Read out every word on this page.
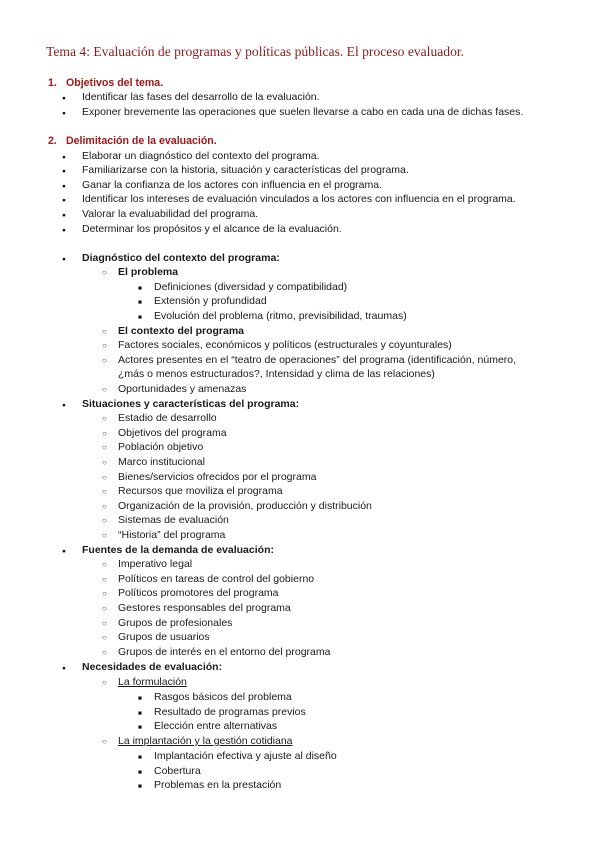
Tema 4: Evaluación de programas y políticas públicas. El proceso evaluador.
1. Objetivos del tema.
● Identificar las fases del desarrollo de la evaluación.
● Exponer brevemente las operaciones que suelen llevarse a cabo en cada una de dichas fases.
2. Delimitación de la evaluación.
● Elaborar un diagnóstico del contexto del programa.
● Familiarizarse con la historia, situación y características del programa.
● Ganar la confianza de los actores con influencia en el programa.
● Identificar los intereses de evaluación vinculados a los actores con influencia en el programa.
● Valorar la evaluabilidad del programa.
● Determinar los propósitos y el alcance de la evaluación.
● Diagnóstico del contexto del programa:
○ El problema
■ Definiciones (diversidad y compatibilidad)
■ Extensión y profundidad
■ Evolución del problema (ritmo, previsibilidad, traumas)
○ El contexto del programa
○ Factores sociales, económicos y políticos (estructurales y coyunturales)
○ Actores presentes en el “teatro de operaciones” del programa (identificación, número,
¿más o menos estructurados?, Intensidad y clima de las relaciones)
○ Oportunidades y amenazas
● Situaciones y características del programa:
○ Estadio de desarrollo
○ Objetivos del programa
○ Población objetivo
○ Marco institucional
○ Bienes/servicios ofrecidos por el programa
○ Recursos que moviliza el programa
○ Organización de la provisión, producción y distribución
○ Sistemas de evaluación
○ “Historia” del programa
● Fuentes de la demanda de evaluación:
○ Imperativo legal
○ Políticos en tareas de control del gobierno
○ Políticos promotores del programa
○ Gestores responsables del programa
○ Grupos de profesionales
○ Grupos de usuarios
○ Grupos de interés en el entorno del programa
● Necesidades de evaluación:
○ La formulación
■ Rasgos básicos del problema
■ Resultado de programas previos
■ Elección entre alternativas
○ La implantación y la gestión cotidiana
■ Implantación efectiva y ajuste al diseño
■ Cobertura
■ Problemas en la prestación
